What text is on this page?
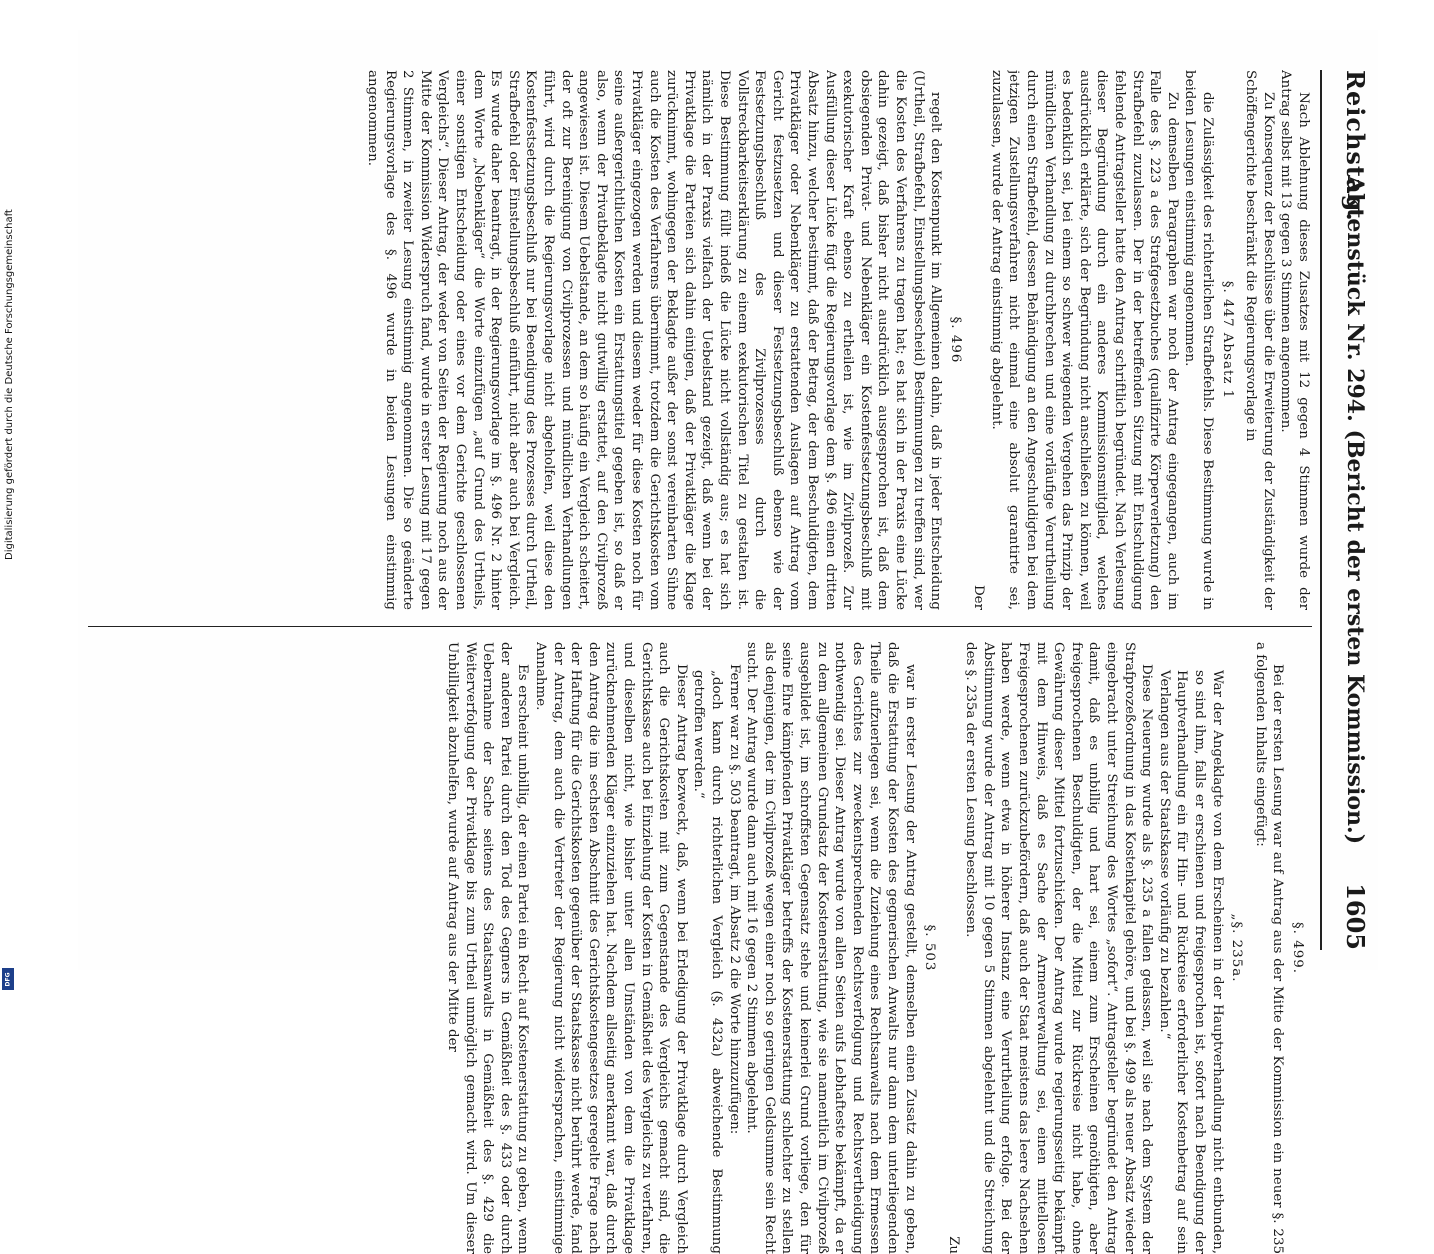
Reichstag.
Aktenstück Nr. 294. (Bericht der ersten Kommission.)
1605

Nach Ablehnung dieses Zusatzes mit 12 gegen 4 Stimmen wurde der Antrag selbst mit 13 gegen 3 Stimmen angenommen.

Zu Konsequenz der Beschlüsse über die Erweiterung der Zuständigkeit der Schöffengerichte beschränkt die Regierungsvorlage in

§. 447 Absatz 1

die Zulässigkeit des richterlichen Strafbefehls. Diese Bestimmung wurde in beiden Lesungen einstimmig angenommen.

Zu demselben Paragraphen war noch der Antrag eingegangen, auch im Falle des §. 223 a des Strafgesetzbuches (qualifizirte Körperverletzung) den Strafbefehl zuzulassen. Der in der betreffenden Sitzung mit Entschuldigung fehlende Antragsteller hatte den Antrag schriftlich begründet. Nach Verlesung dieser Begründung durch ein anderes Kommissionsmitglied, welches ausdrücklich erklärte, sich der Begründung nicht anschließen zu können, weil es bedenklich sei, bei einem so schwer wiegenden Vergehen das Prinzip der mündlichen Verhandlung zu durchbrechen und eine vorläufige Verurtheilung durch einen Strafbefehl, dessen Behändigung an den Angeschuldigten bei dem jetzigen Zustellungsverfahren nicht einmal eine absolut garantirte sei, zuzulassen, wurde der Antrag einstimmig abgelehnt.

Der

§. 496

regelt den Kostenpunkt im Allgemeinen dahin, daß in jeder Entscheidung (Urtheil, Strafbefehl, Einstellungsbescheid) Bestimmungen zu treffen sind, wer die Kosten des Verfahrens zu tragen hat; es hat sich in der Praxis eine Lücke dahin gezeigt, daß bisher nicht ausdrücklich ausgesprochen ist, daß dem obsiegenden Privat- und Nebenkläger ein Kostenfestsetzungsbeschluß mit exekutorischer Kraft ebenso zu ertheilen ist, wie im Zivilprozeß. Zur Ausfüllung dieser Lücke fügt die Regierungsvorlage dem §. 496 einen dritten Absatz hinzu, welcher bestimmt, daß der Betrag, der dem Beschuldigten, dem Privatkläger oder Nebenkläger zu erstattenden Auslagen auf Antrag vom Gericht festzusetzen und dieser Festsetzungsbeschluß ebenso wie der Festsetzungsbeschluß des Zivilprozesses durch die Vollstreckbarkeitserklärung zu einem exekutorischen Titel zu gestalten ist. Diese Bestimmung füllt indeß die Lücke nicht vollständig aus; es hat sich nämlich in der Praxis vielfach der Uebelstand gezeigt, daß wenn bei der Privatklage die Parteien sich dahin einigen, daß der Privatkläger die Klage zurücknimmt, wohingegen der Beklagte außer der sonst vereinbarten Sühne auch die Kosten des Verfahrens übernimmt, trotzdem die Gerichtskosten vom Privatkläger eingezogen werden und diesem weder für diese Kosten noch für seine außergerichtlichen Kosten ein Erstattungstitel gegeben ist, so daß er also, wenn der Privatbeklagte nicht gutwillig erstattet, auf den Civilprozeß angewiesen ist. Diesem Uebelstande, an dem so häufig ein Vergleich scheitert, der oft zur Bereinigung von Civilprozessen und mündlichen Verhandlungen führt, wird durch die Regierungsvorlage nicht abgeholfen, weil diese den Kostenfestsetzungsbeschluß nur bei Beendigung des Prozesses durch Urtheil, Strafbefehl oder Einstellungsbeschluß einführt, nicht aber auch bei Vergleich. Es wurde daher beantragt, in der Regierungsvorlage im §. 496 Nr. 2 hinter dem Worte „Nebenkläger“ die Worte einzufügen „auf Grund des Urtheils, einer sonstigen Entscheidung oder eines vor dem Gerichte geschlossenen Vergleichs“. Dieser Antrag, der weder von Seiten der Regierung noch aus der Mitte der Kommission Widerspruch fand, wurde in erster Lesung mit 17 gegen 2 Stimmen, in zweiter Lesung einstimmig angenommen. Die so geänderte Regierungsvorlage des §. 496 wurde in beiden Lesungen einstimmig angenommen.

§. 499.

Bei der ersten Lesung war auf Antrag aus der Mitte der Kommission ein neuer §. 235 a folgenden Inhalts eingefügt:

„§. 235a.

War der Angeklagte von dem Erscheinen in der Hauptverhandlung nicht entbunden, so sind ihm, falls er erschienen und freigesprochen ist, sofort nach Beendigung der Hauptverhandlung ein für Hin- und Rückreise erforderlicher Kostenbetrag auf sein Verlangen aus der Staatskasse vorläufig zu bezahlen.“

Diese Neuerung wurde als §. 235 a fallen gelassen, weil sie nach dem System der Strafprozeßordnung in das Kostenkapitel gehöre, und bei §. 499 als neuer Absatz wieder eingebracht unter Streichung des Wortes „sofort“. Antragsteller begründet den Antrag damit, daß es unbillig und hart sei, einem zum Erscheinen genöthigten, aber freigesprochenen Beschuldigten, der die Mittel zur Rückreise nicht habe, ohne Gewährung dieser Mittel fortzuschicken. Der Antrag wurde regierungsseitig bekämpft mit dem Hinweis, daß es Sache der Armenverwaltung sei, einen mittellosen Freigesprochenen zurückzubefördern, daß auch der Staat meistens das leere Nachsehen haben werde, wenn etwa in höherer Instanz eine Verurtheilung erfolge. Bei der Abstimmung wurde der Antrag mit 10 gegen 5 Stimmen abgelehnt und die Streichung des §. 235a der ersten Lesung beschlossen.

Zu

§. 503

war in erster Lesung der Antrag gestellt, demselben einen Zusatz dahin zu geben, daß die Erstattung der Kosten des gegnerischen Anwalts nur dann dem unterliegenden Theile aufzuerlegen sei, wenn die Zuziehung eines Rechtsanwalts nach dem Ermessen des Gerichtes zur zweckentsprechenden Rechtsverfolgung und Rechtsvertheidigung nothwendig sei. Dieser Antrag wurde von allen Seiten aufs Lebhafteste bekämpft, da er zu dem allgemeinen Grundsatz der Kostenerstattung, wie sie namentlich im Civilprozeß ausgebildet ist, im schroffsten Gegensatz stehe und keinerlei Grund vorliege, den für seine Ehre kämpfenden Privatkläger betreffs der Kostenerstattung schlechter zu stellen als denjenigen, der im Civilprozeß wegen einer noch so geringen Geldsumme sein Recht sucht. Der Antrag wurde dann auch mit 16 gegen 2 Stimmen abgelehnt.

Ferner war zu §. 503 beantragt, im Absatz 2 die Worte hinzuzufügen:

„doch kann durch richterlichen Vergleich (§. 432a) abweichende Bestimmung getroffen werden.“

Dieser Antrag bezweckt, daß, wenn bei Erledigung der Privatklage durch Vergleich auch die Gerichtskosten mit zum Gegenstande des Vergleichs gemacht sind, die Gerichtskasse auch bei Einziehung der Kosten in Gemäßheit des Vergleichs zu verfahren, und dieselben nicht, wie bisher unter allen Umständen von dem die Privatklage zurücknehmenden Kläger einzuziehen hat. Nachdem allseitig anerkannt war, daß durch den Antrag die im sechsten Abschnitt des Gerichtskostengesetzes geregelte Frage nach der Haftung für die Gerichtskosten gegenüber der Staatskasse nicht berührt werde, fand der Antrag, dem auch die Vertreter der Regierung nicht widersprachen, einstimmige Annahme.

Es erscheint unbillig, der einen Partei ein Recht auf Kostenerstattung zu geben, wenn der anderen Partei durch den Tod des Gegners in Gemäßheit des §. 433 oder durch Uebernahme der Sache seitens des Staatsanwalts in Gemäßheit des §. 429 die Weiterverfolgung der Privatklage bis zum Urtheil unmöglich gemacht wird. Um dieser Unbilligkeit abzuhelfen, wurde auf Antrag aus der Mitte der

Digitalisierung gefördert durch die Deutsche Forschungsgemeinschaft
DFG
